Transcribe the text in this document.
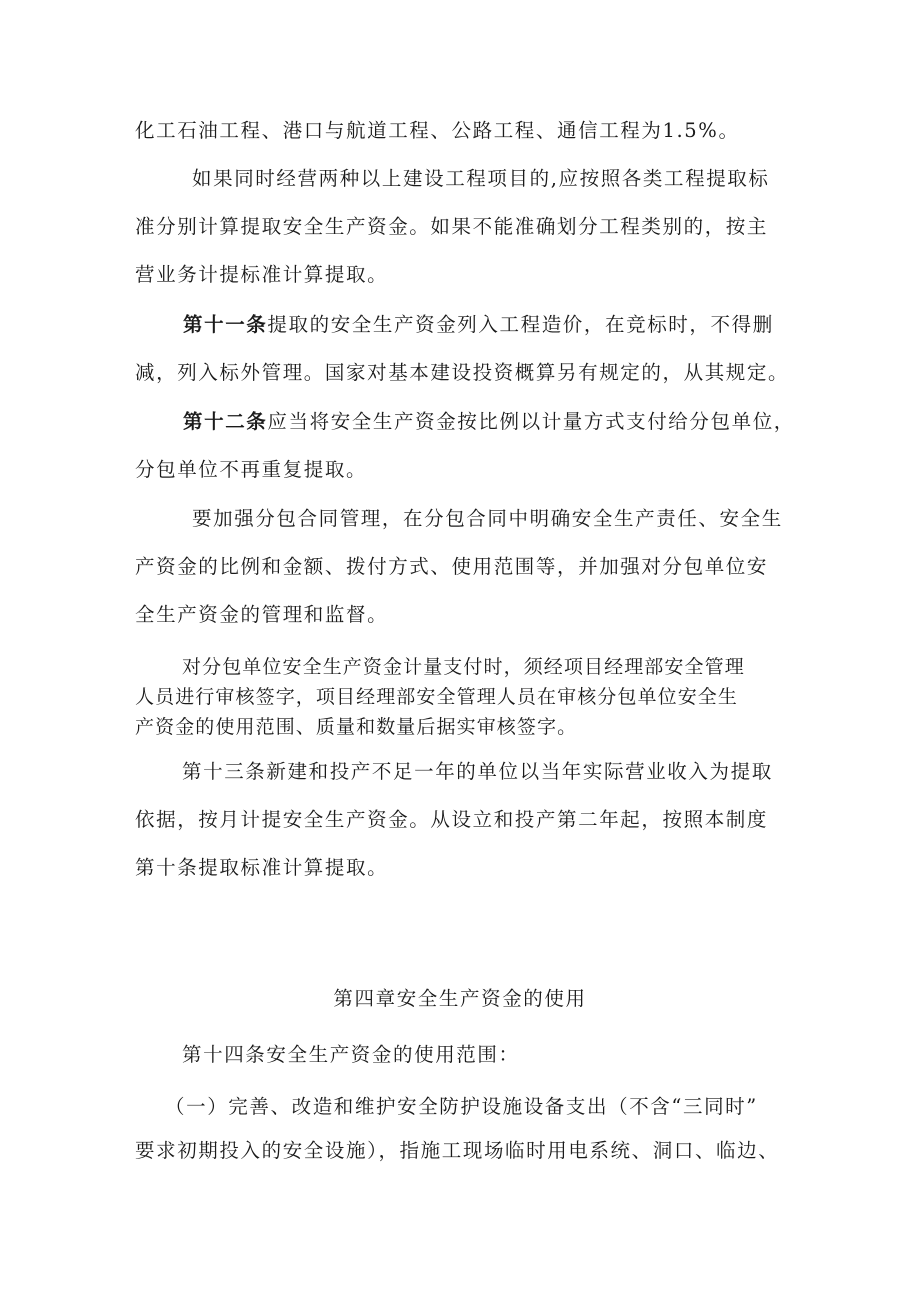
化工石油工程、港口与航道工程、公路工程、通信工程为1.5%。
如果同时经营两种以上建设工程项目的,应按照各类工程提取标
准分别计算提取安全生产资金。如果不能准确划分工程类别的，按主
营业务计提标准计算提取。
第十一条提取的安全生产资金列入工程造价，在竞标时，不得删
减，列入标外管理。国家对基本建设投资概算另有规定的，从其规定。
第十二条应当将安全生产资金按比例以计量方式支付给分包单位，
分包单位不再重复提取。
要加强分包合同管理，在分包合同中明确安全生产责任、安全生
产资金的比例和金额、拨付方式、使用范围等，并加强对分包单位安
全生产资金的管理和监督。
对分包单位安全生产资金计量支付时，须经项目经理部安全管理
人员进行审核签字，项目经理部安全管理人员在审核分包单位安全生
产资金的使用范围、质量和数量后据实审核签字。
第十三条新建和投产不足一年的单位以当年实际营业收入为提取
依据，按月计提安全生产资金。从设立和投产第二年起，按照本制度
第十条提取标准计算提取。
第四章安全生产资金的使用
第十四条安全生产资金的使用范围：
（一）完善、改造和维护安全防护设施设备支出（不含“三同时”
要求初期投入的安全设施），指施工现场临时用电系统、洞口、临边、
